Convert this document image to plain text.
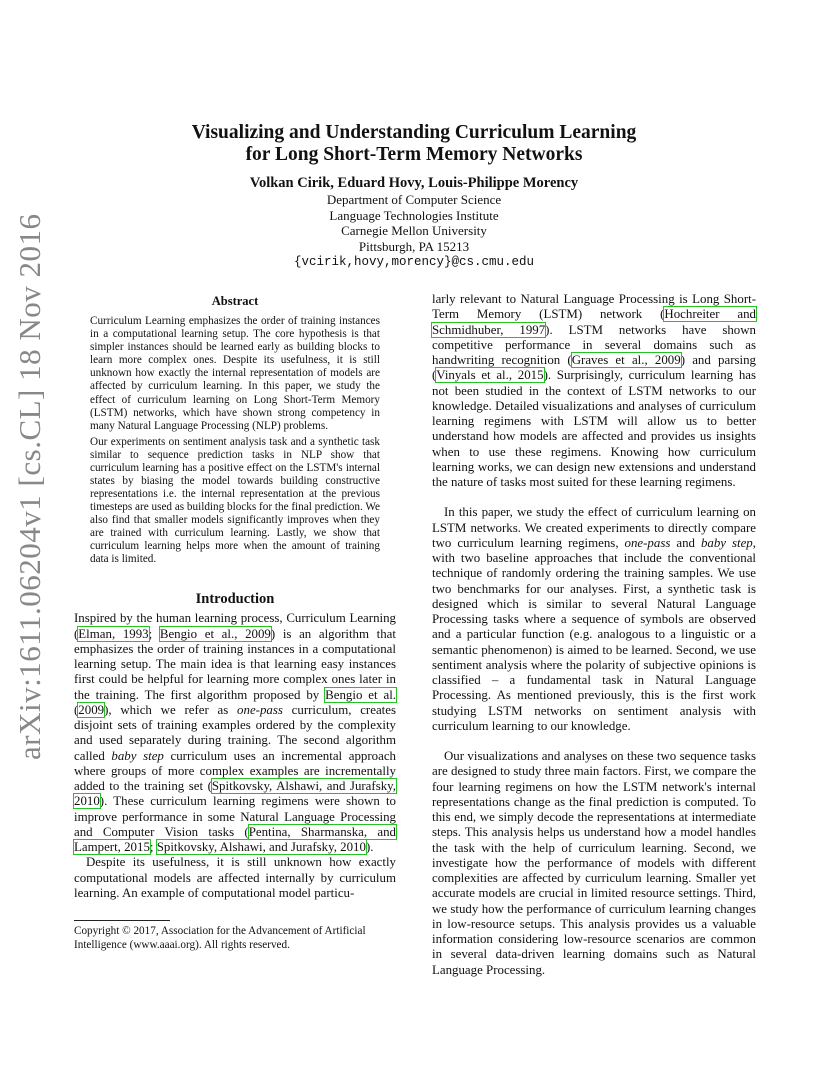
arXiv:1611.06204v1 [cs.CL] 18 Nov 2016
Visualizing and Understanding Curriculum Learning
for Long Short-Term Memory Networks
Volkan Cirik, Eduard Hovy, Louis-Philippe Morency
Department of Computer Science
Language Technologies Institute
Carnegie Mellon University
Pittsburgh, PA 15213
{vcirik,hovy,morency}@cs.cmu.edu
Abstract

Curriculum Learning emphasizes the order of training instances in a computational learning setup. The core hypothesis is that simpler instances should be learned early as building blocks to learn more complex ones. Despite its usefulness, it is still unknown how exactly the internal representation of models are affected by curriculum learning. In this paper, we study the effect of curriculum learning on Long Short-Term Memory (LSTM) networks, which have shown strong competency in many Natural Language Processing (NLP) problems.

Our experiments on sentiment analysis task and a synthetic task similar to sequence prediction tasks in NLP show that curriculum learning has a positive effect on the LSTM's internal states by biasing the model towards building constructive representations i.e. the internal representation at the previous timesteps are used as building blocks for the final prediction. We also find that smaller models significantly improves when they are trained with curriculum learning. Lastly, we show that curriculum learning helps more when the amount of training data is limited.

Introduction

Inspired by the human learning process, Curriculum Learning (Elman, 1993; Bengio et al., 2009) is an algorithm that emphasizes the order of training instances in a computational learning setup. The main idea is that learning easy instances first could be helpful for learning more complex ones later in the training. The first algorithm proposed by Bengio et al. (2009), which we refer as one-pass curriculum, creates disjoint sets of training examples ordered by the complexity and used separately during training. The second algorithm called baby step curriculum uses an incremental approach where groups of more complex examples are incrementally added to the training set (Spitkovsky, Alshawi, and Jurafsky, 2010). These curriculum learning regimens were shown to improve performance in some Natural Language Processing and Computer Vision tasks (Pentina, Sharmanska, and Lampert, 2015; Spitkovsky, Alshawi, and Jurafsky, 2010).

Despite its usefulness, it is still unknown how exactly computational models are affected internally by curriculum learning. An example of computational model particu-

Copyright © 2017, Association for the Advancement of Artificial Intelligence (www.aaai.org). All rights reserved.

larly relevant to Natural Language Processing is Long Short-Term Memory (LSTM) network (Hochreiter and Schmidhuber, 1997). LSTM networks have shown competitive performance in several domains such as handwriting recognition (Graves et al., 2009) and parsing (Vinyals et al., 2015). Surprisingly, curriculum learning has not been studied in the context of LSTM networks to our knowledge. Detailed visualizations and analyses of curriculum learning regimens with LSTM will allow us to better understand how models are affected and provides us insights when to use these regimens. Knowing how curriculum learning works, we can design new extensions and understand the nature of tasks most suited for these learning regimens.

In this paper, we study the effect of curriculum learning on LSTM networks. We created experiments to directly compare two curriculum learning regimens, one-pass and baby step, with two baseline approaches that include the conventional technique of randomly ordering the training samples. We use two benchmarks for our analyses. First, a synthetic task is designed which is similar to several Natural Language Processing tasks where a sequence of symbols are observed and a particular function (e.g. analogous to a linguistic or a semantic phenomenon) is aimed to be learned. Second, we use sentiment analysis where the polarity of subjective opinions is classified – a fundamental task in Natural Language Processing. As mentioned previously, this is the first work studying LSTM networks on sentiment analysis with curriculum learning to our knowledge.

Our visualizations and analyses on these two sequence tasks are designed to study three main factors. First, we compare the four learning regimens on how the LSTM network's internal representations change as the final prediction is computed. To this end, we simply decode the representations at intermediate steps. This analysis helps us understand how a model handles the task with the help of curriculum learning. Second, we investigate how the performance of models with different complexities are affected by curriculum learning. Smaller yet accurate models are crucial in limited resource settings. Third, we study how the performance of curriculum learning changes in low-resource setups. This analysis provides us a valuable information considering low-resource scenarios are common in several data-driven learning domains such as Natural Language Processing.
